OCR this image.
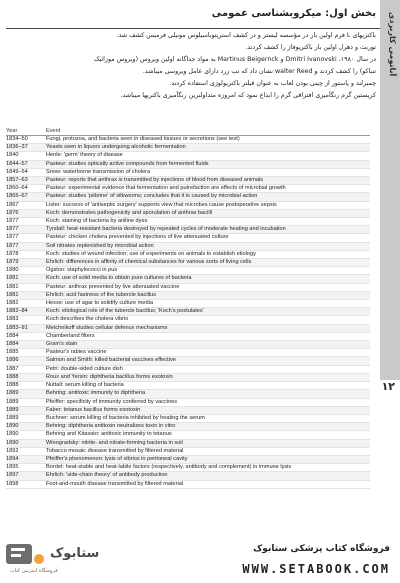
بخش اول: میکروبشناسی عمومی آناتومی کاربردی
۱۲

باکتریهای L فرم اولین بار در مؤسسه لیستر و در کشف استرپتوباسیلوس مونیلی فرمیس کشف شد.

توربت و دهرل اولین بار باکتریوفاژ را کشف کردند.

در سال ۱۹۸۰، Dmitri Ivanovski و Martinus Beigernck به مواد جداگانه اولین ویروس (ویروس موزائیک

تنباکو) را کشف کردند و walter Reed نشان داد که تب زرد دارای عامل ویروسی میباشد.

چمبرلند و پاستور از چینی بودن لعاب به عنوان فیلتر باکتریولوژی استفاده کردند.

کریستین گرم رنگآمیزی افتراقی گرم را ابداع نمود که امروزه متداولترین رنگآمیزی باکتریها میباشد.

Year	Event
1834–50	Fungi, protozoa, and bacteria seen in diseased tissues or secretions (see text)
1836–37	Yeasts seen in liquors undergoing alcoholic fermentation
1840	Henle: 'germ' theory of disease
1844–57	Pasteur: studies optically active compounds from fermented fluids
1849–54	Snow: waterborne transmission of cholera
1857–63	Pasteur: reports that anthrax is transmitted by injections of blood from diseased animals
1860–64	Pasteur: experimental evidence that fermentation and putrefaction are effects of microbial growth
1865–67	Pasteur: studies 'pébrine' of silkworms; concludes that it is caused by microbial action
1867	Lister: success of 'antiseptic surgery' supports view that microbes cause postoperative sepsis
1876	Koch: demonstrates pathogenicity and sporulation of anthrax bacilli
1877	Koch: staining of bacteria by aniline dyes
1877	Tyndall: heat-resistant bacteria destroyed by repeated cycles of moderate heating and incubation
1877	Pasteur: chicken cholera prevented by injections of live attenuated culture
1877	Soil nitrates replenished by microbial action
1878	Koch: studies of wound infection; use of experiments on animals to establish etiology
1879	Ehrlich: differences in affinity of chemical substances for various sorts of living cells
1880	Ogston: staphylococci in pus
1881	Koch: use of solid media to obtain pure cultures of bacteria
1881	Pasteur: anthrax prevented by live attenuated vaccine
1881	Ehrlich: acid fastness of the tubercle bacillus
1882	Hesse: use of agar to solidify culture media
1882–84	Koch: etiological role of the tubercle bacillus; 'Koch's postulates'
1883	Koch describes the cholera vibrio
1883–91	Metchnikoff studies cellular defence mechanisms
1884	Chamberland filters
1884	Gram's stain
1885	Pasteur's rabies vaccine
1886	Salmon and Smith: killed bacterial vaccines effective
1887	Petri: double-sided culture dish
1888	Roux and Yersin: diphtheria bacillus forms exotoxin
1888	Nuttall: serum killing of bacteria
1889	Behring: antitoxic immunity to diphtheria
1889	Pfeiffer: specificity of immunity conferred by vaccines
1889	Faber: tetanus bacillus forms exotoxin
1889	Buchner: serum killing of bacteria inhibited by heating the serum
1890	Behring: diphtheria antitoxin neutralizes toxin in vitro
1890	Behring and Kitasato: antitoxic immunity to tetanus
1890	Winogradsky: nitrite- and nitrate-forming bacteria in soil
1892	Tobacco mosaic disease transmitted by filtered material
1894	Pfeiffer's phenomenon: lysis of vibrios in peritoneal cavity
1895	Bordet: heat-stable and heat-labile factors (respectively, antibody and complement) in immune lysis
1897	Ehrlich: 'side-chain theory' of antibody production
1898	Foot-and-mouth disease transmitted by filtered material
ستابوک
فروشگاه اینترنتی کتاب
فروشگاه کتاب پزشکی ستابوک
WWW.SETABOOK.COM
